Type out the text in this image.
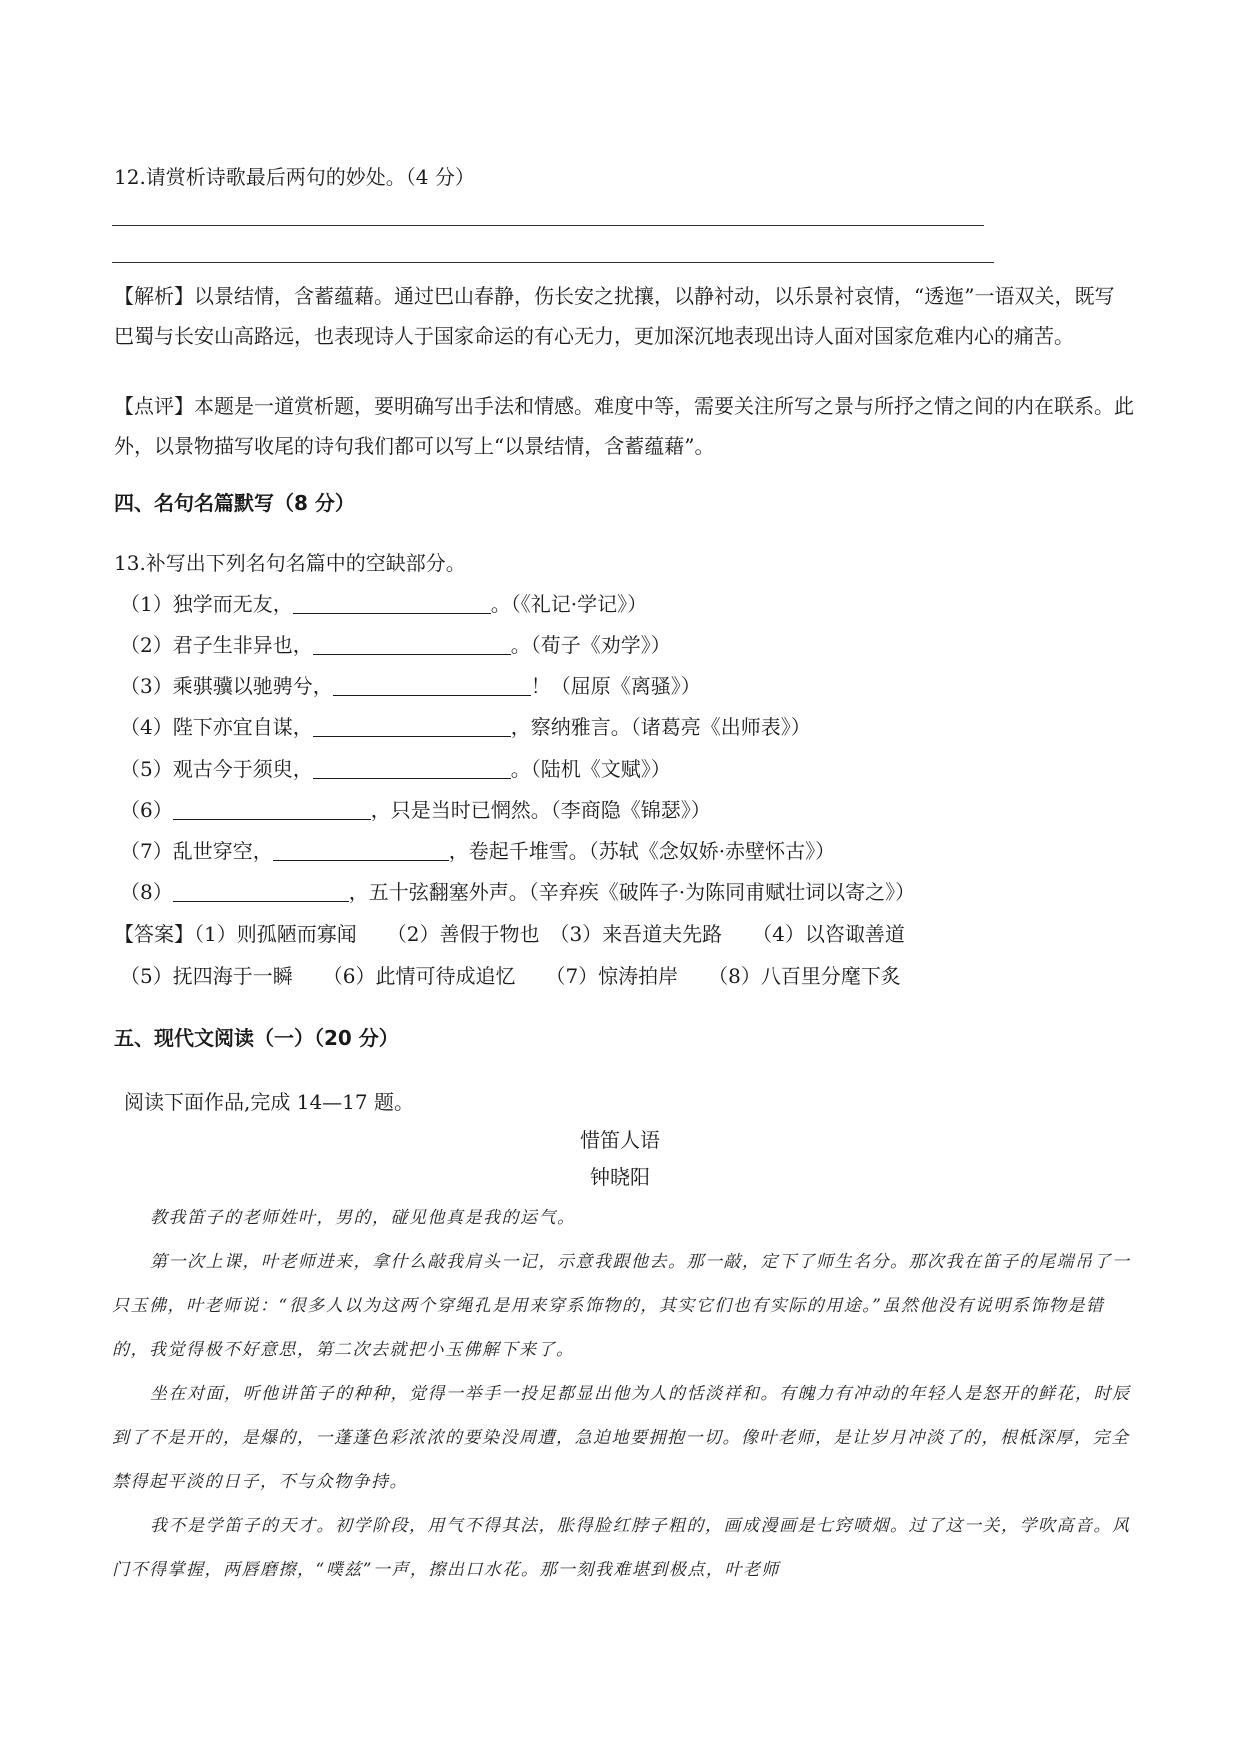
12.请赏析诗歌最后两句的妙处。（4 分）
【解析】以景结情，含蓄蕴藉。通过巴山春静，伤长安之扰攘，以静衬动，以乐景衬哀情，“透迤”一语双关，既写巴蜀与长安山高路远，也表现诗人于国家命运的有心无力，更加深沉地表现出诗人面对国家危难内心的痛苦。
【点评】本题是一道赏析题，要明确写出手法和情感。难度中等，需要关注所写之景与所抒之情之间的内在联系。此外，以景物描写收尾的诗句我们都可以写上“以景结情，含蓄蕴藉”。
四、名句名篇默写（8 分）
13.补写出下列名句名篇中的空缺部分。
（1）独学而无友，	。（《礼记·学记》）
（2）君子生非异也，	。（荀子《劝学》）
（3）乘骐骥以驰骋兮，	！（屈原《离骚》）
（4）陛下亦宜自谋，	，察纳雅言。（诸葛亮《出师表》）
（5）观古今于须臾，	。（陆机《文赋》）
（6）	，只是当时已惘然。（李商隐《锦瑟》）
（7）乱世穿空，	，卷起千堆雪。（苏轼《念奴娇·赤壁怀古》）
（8）	，五十弦翻塞外声。（辛弃疾《破阵子·为陈同甫赋壮词以寄之》）
【答案】（1）则孤陋而寡闻　　（2）善假于物也　（3）来吾道夫先路　　（4）以咨诹善道
（5）抚四海于一瞬　　（6）此情可待成追忆　　（7）惊涛拍岸　　（8）八百里分麾下炙
五、现代文阅读（一）（20 分）
阅读下面作品,完成 14—17 题。
惜笛人语
钟晓阳

教我笛子的老师姓叶，男的，碰见他真是我的运气。

第一次上课，叶老师进来，拿什么敲我肩头一记，示意我跟他去。那一敲，定下了师生名分。那次我在笛子的尾端吊了一只玉佛，叶老师说：“很多人以为这两个穿绳孔是用来穿系饰物的，其实它们也有实际的用途。”虽然他没有说明系饰物是错的，我觉得极不好意思，第二次去就把小玉佛解下来了。

坐在对面，听他讲笛子的种种，觉得一举手一投足都显出他为人的恬淡祥和。有魄力有冲动的年轻人是怒开的鲜花，时辰到了不是开的，是爆的，一蓬蓬色彩浓浓的要染没周遭，急迫地要拥抱一切。像叶老师，是让岁月冲淡了的，根柢深厚，完全禁得起平淡的日子，不与众物争持。

我不是学笛子的天才。初学阶段，用气不得其法，胀得脸红脖子粗的，画成漫画是七窍喷烟。过了这一关，学吹高音。风门不得掌握，两唇磨擦，“噗兹”一声，擦出口水花。那一刻我难堪到极点，叶老师
